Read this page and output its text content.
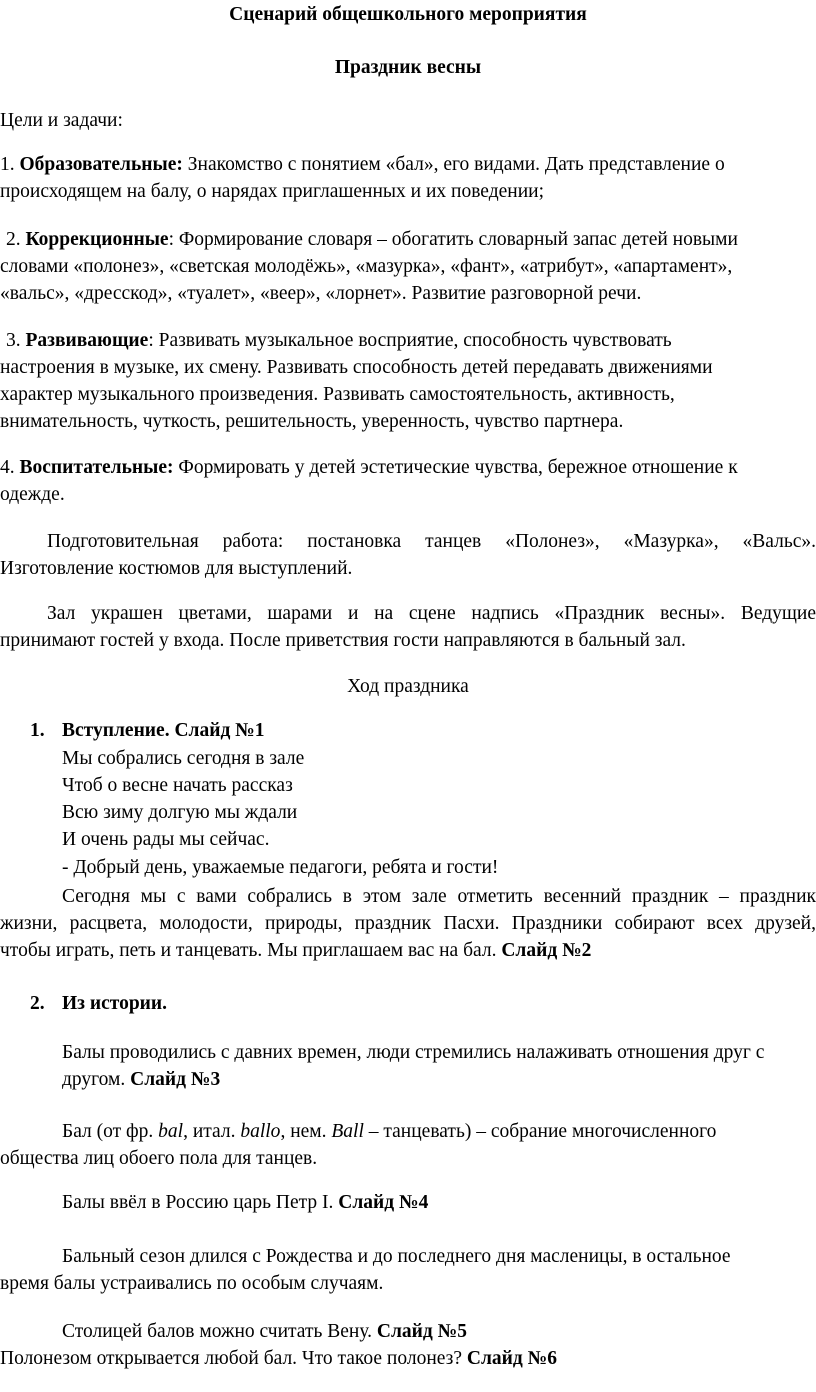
Сценарий общешкольного мероприятия
Праздник весны
Цели и задачи:
1. Образовательные: Знакомство с понятием «бал», его видами. Дать представление о
происходящем на балу, о нарядах приглашенных и их поведении;
2. Коррекционные: Формирование словаря – обогатить словарный запас детей новыми
словами «полонез», «светская молодёжь», «мазурка», «фант», «атрибут», «апартамент»,
«вальс», «дресскод», «туалет», «веер», «лорнет». Развитие разговорной речи.
3. Развивающие: Развивать музыкальное восприятие, способность чувствовать
настроения в музыке, их смену. Развивать способность детей передавать движениями
характер музыкального произведения. Развивать самостоятельность, активность,
внимательность, чуткость, решительность, уверенность, чувство партнера.
4. Воспитательные: Формировать у детей эстетические чувства, бережное отношение к
одежде.
Подготовительная работа: постановка танцев «Полонез», «Мазурка», «Вальс».
Изготовление костюмов для выступлений.
Зал украшен цветами, шарами и на сцене надпись «Праздник весны». Ведущие
принимают гостей у входа. После приветствия гости направляются в бальный зал.
Ход праздника
1. Вступление. Слайд №1
Мы собрались сегодня в зале
Чтоб о весне начать рассказ
Всю зиму долгую мы ждали
И очень рады мы сейчас.
- Добрый день, уважаемые педагоги, ребята и гости!
Сегодня мы с вами собрались в этом зале отметить весенний праздник – праздник
жизни, расцвета, молодости, природы, праздник Пасхи. Праздники собирают всех друзей,
чтобы играть, петь и танцевать. Мы приглашаем вас на бал. Слайд №2
2. Из истории.
Балы проводились с давних времен, люди стремились налаживать отношения друг с
другом. Слайд №3
Бал (от фр. bal, итал. ballo, нем. Ball – танцевать) – собрание многочисленного
общества лиц обоего пола для танцев.
Балы ввёл в Россию царь Петр I. Слайд №4
Бальный сезон длился с Рождества и до последнего дня масленицы, в остальное
время балы устраивались по особым случаям.
Столицей балов можно считать Вену. Слайд №5
Полонезом открывается любой бал. Что такое полонез? Слайд №6
